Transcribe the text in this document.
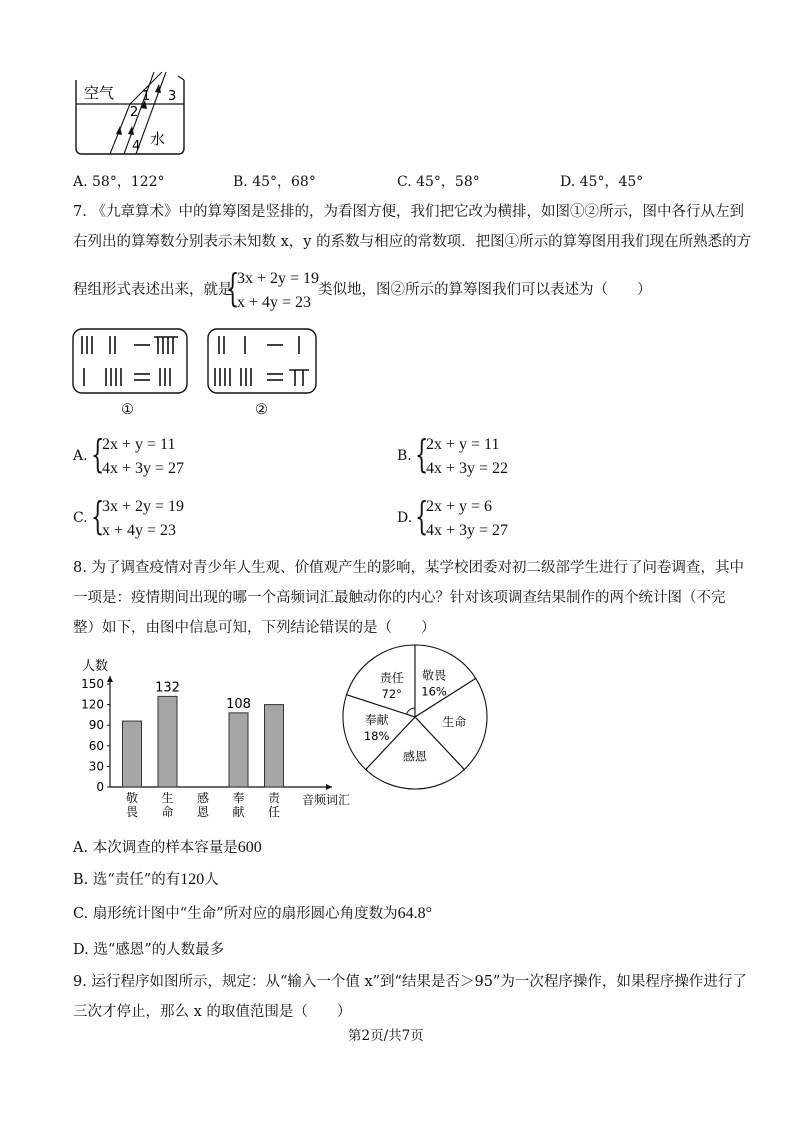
空气
水
1
2
3
4
A. 58°，122°	B. 45°，68°	C. 45°，58°	D. 45°，45°
7. 《九章算术》中的算筹图是竖排的，为看图方便，我们把它改为横排，如图①②所示，图中各行从左到
右列出的算筹数分别表示未知数 x，y 的系数与相应的常数项．把图①所示的算筹图用我们现在所熟悉的方
程组形式表述出来，就是
{
3x + 2y = 19
x + 4y = 23
类似地，图②所示的算筹图我们可以表述为（　　）
①	②
A. {
2x + y = 11
4x + 3y = 27
B. {
2x + y = 11
4x + 3y = 22
C. {
3x + 2y = 19
x + 4y = 23
D. {
2x + y = 6
4x + 3y = 27
8. 为了调查疫情对青少年人生观、价值观产生的影响，某学校团委对初二级部学生进行了问卷调查，其中
一项是：疫情期间出现的哪一个高频词汇最触动你的内心？针对该项调查结果制作的两个统计图（不完
整）如下，由图中信息可知，下列结论错误的是（　　）
人数
0
30
60
90
120
150
敬
畏
132
生
命
感
恩
108
奉
献
责
任
音频词汇
责任
72°
敬畏
16%
生命
感恩
奉献
18%
A. 本次调查的样本容量是600
B. 选“责任”的有120人
C. 扇形统计图中“生命”所对应的扇形圆心角度数为64.8°
D. 选“感恩”的人数最多
9. 运行程序如图所示，规定：从“输入一个值 x”到“结果是否＞95”为一次程序操作，如果程序操作进行了
三次才停止，那么 x 的取值范围是（　　）
第2页/共7页
